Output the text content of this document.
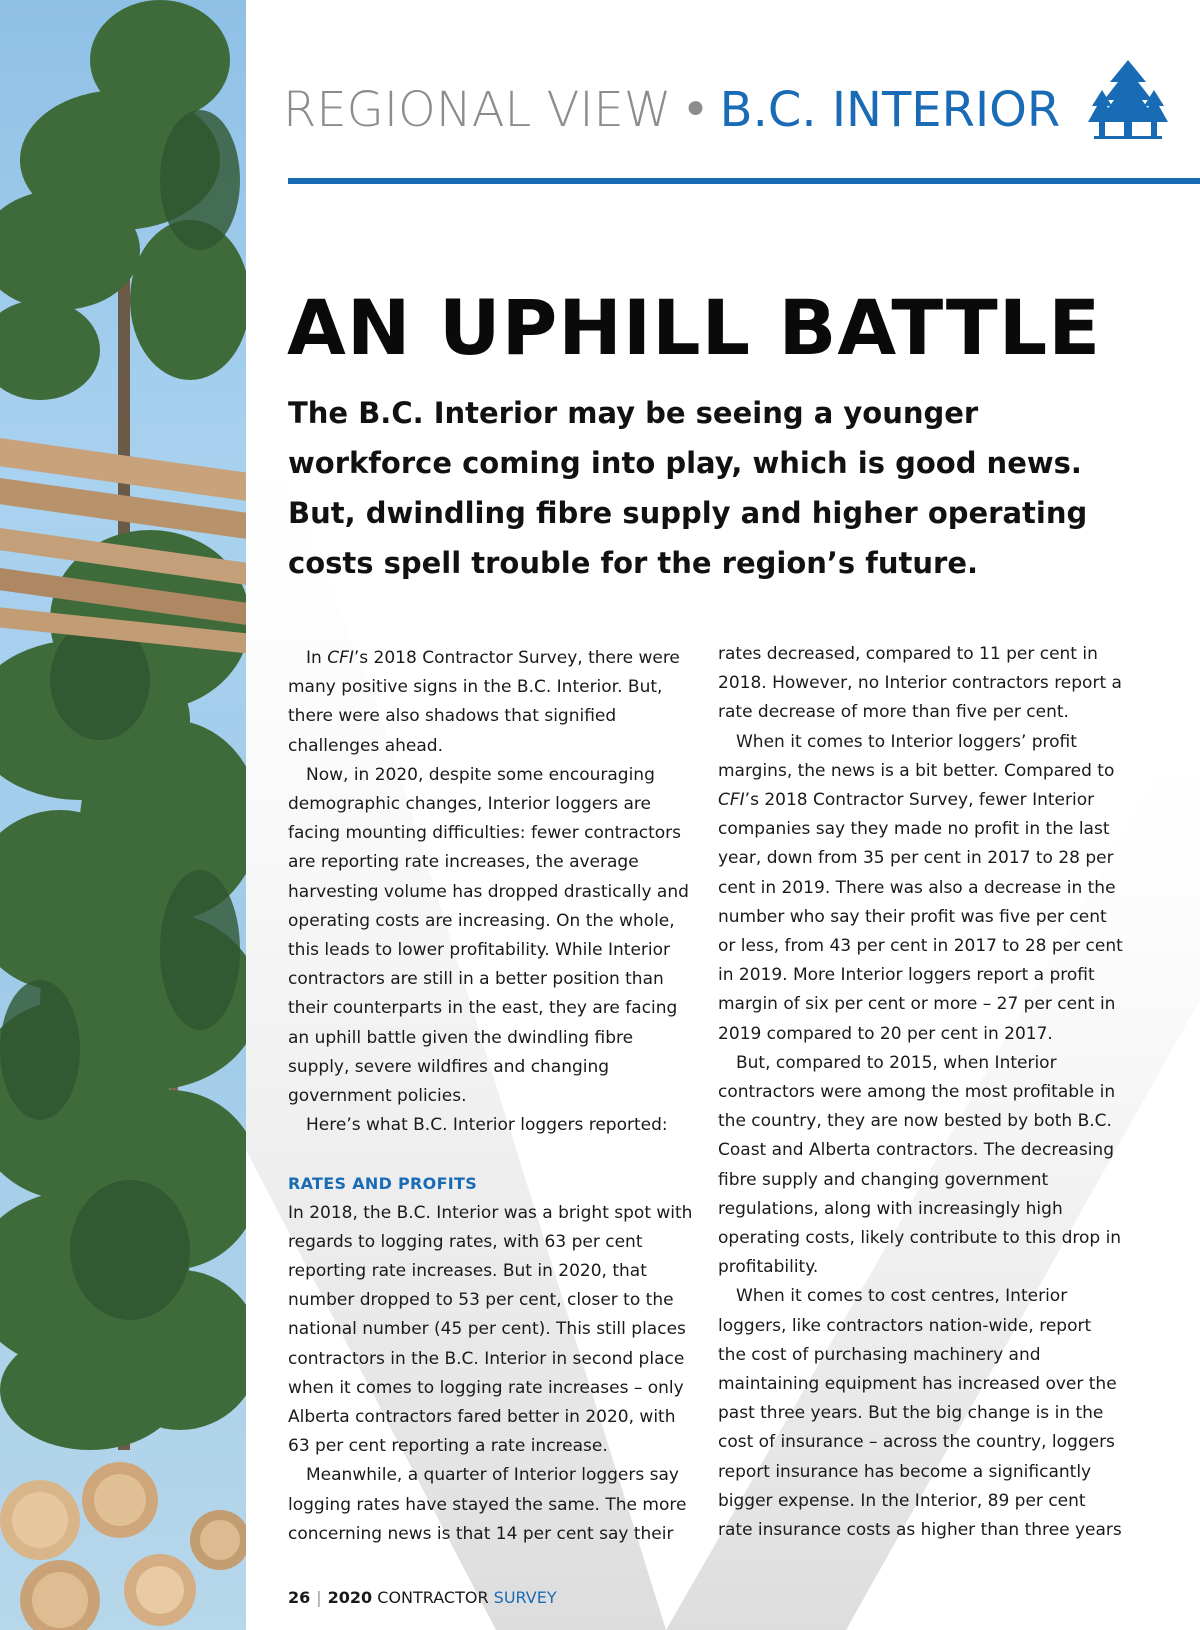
REGIONAL VIEW • B.C. INTERIOR
AN UPHILL BATTLE

The B.C. Interior may be seeing a younger workforce coming into play, which is good news. But, dwindling fibre supply and higher operating costs spell trouble for the region’s future.

In CFI’s 2018 Contractor Survey, there were many positive signs in the B.C. Interior. But, there were also shadows that signified challenges ahead.

Now, in 2020, despite some encouraging demographic changes, Interior loggers are facing mounting difficulties: fewer contractors are reporting rate increases, the average harvesting volume has dropped drastically and operating costs are increasing. On the whole, this leads to lower profitability. While Interior contractors are still in a better position than their counterparts in the east, they are facing an uphill battle given the dwindling fibre supply, severe wildfires and changing government policies.

Here’s what B.C. Interior loggers reported:

RATES AND PROFITS

In 2018, the B.C. Interior was a bright spot with regards to logging rates, with 63 per cent reporting rate increases. But in 2020, that number dropped to 53 per cent, closer to the national number (45 per cent). This still places contractors in the B.C. Interior in second place when it comes to logging rate increases – only Alberta contractors fared better in 2020, with 63 per cent reporting a rate increase.

Meanwhile, a quarter of Interior loggers say logging rates have stayed the same. The more concerning news is that 14 per cent say their

rates decreased, compared to 11 per cent in 2018. However, no Interior contractors report a rate decrease of more than five per cent.

When it comes to Interior loggers’ profit margins, the news is a bit better. Compared to CFI’s 2018 Contractor Survey, fewer Interior companies say they made no profit in the last year, down from 35 per cent in 2017 to 28 per cent in 2019. There was also a decrease in the number who say their profit was five per cent or less, from 43 per cent in 2017 to 28 per cent in 2019. More Interior loggers report a profit margin of six per cent or more – 27 per cent in 2019 compared to 20 per cent in 2017.

But, compared to 2015, when Interior contractors were among the most profitable in the country, they are now bested by both B.C. Coast and Alberta contractors. The decreasing fibre supply and changing government regulations, along with increasingly high operating costs, likely contribute to this drop in profitability.

When it comes to cost centres, Interior loggers, like contractors nation-wide, report the cost of purchasing machinery and maintaining equipment has increased over the past three years. But the big change is in the cost of insurance – across the country, loggers report insurance has become a significantly bigger expense. In the Interior, 89 per cent rate insurance costs as higher than three years

26 | 2020 CONTRACTOR SURVEY
